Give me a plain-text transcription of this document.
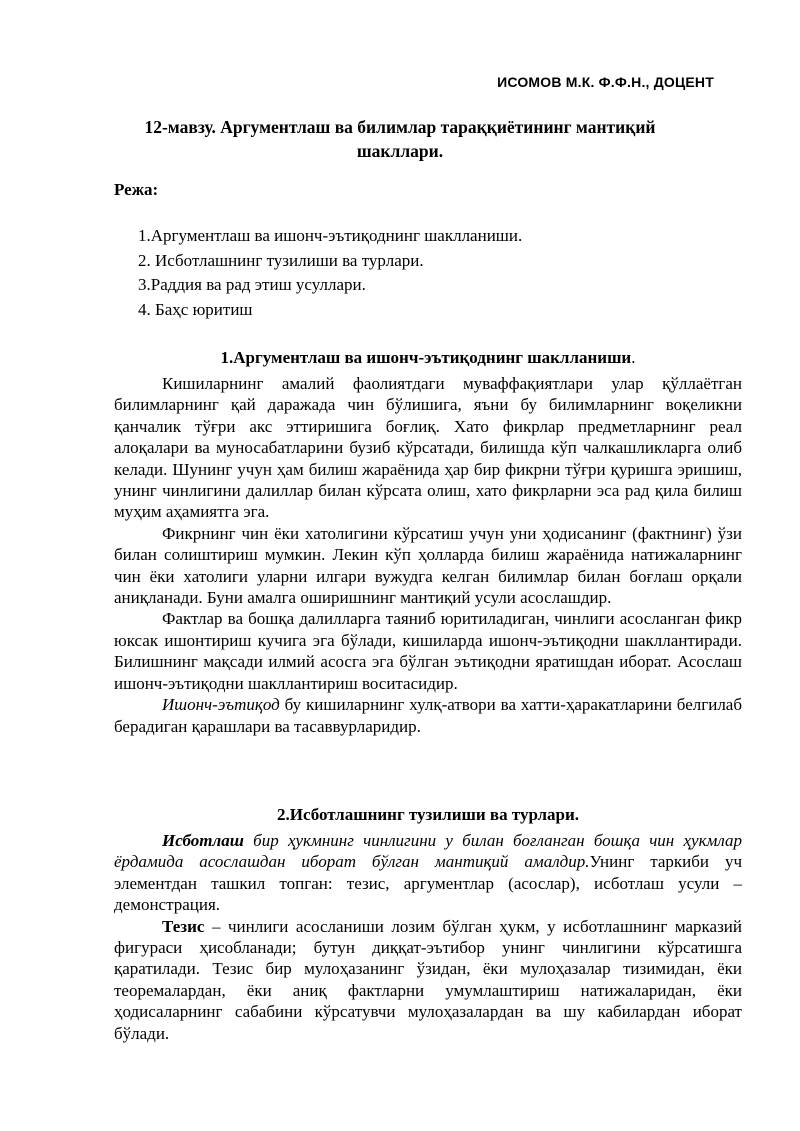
ИСОМОВ М.К. Ф.Ф.Н., ДОЦЕНТ
12-мавзу. Аргументлаш ва билимлар тараққиётининг мантиқий шакллари.
Режа:
1.Аргументлаш ва ишонч-эътиқоднинг шаклланиши.
2. Исботлашнинг тузилиши ва турлари.
3.Раддия ва рад этиш усуллари.
4. Баҳс юритиш
1.Аргументлаш ва ишонч-эътиқоднинг шаклланиши.

Кишиларнинг амалий фаолиятдаги муваффақиятлари улар қўллаётган билимларнинг қай даражада чин бўлишига, яъни бу билимларнинг воқеликни қанчалик тўғри акс эттиришига боғлиқ. Хато фикрлар предметларнинг реал алоқалари ва муносабатларини бузиб кўрсатади, билишда кўп чалкашликларга олиб келади. Шунинг учун ҳам билиш жараёнида ҳар бир фикрни тўғри қуришга эришиш, унинг чинлигини далиллар билан кўрсата олиш, хато фикрларни эса рад қила билиш муҳим аҳамиятга эга.

Фикрнинг чин ёки хатолигини кўрсатиш учун уни ҳодисанинг (фактнинг) ўзи билан солиштириш мумкин. Лекин кўп ҳолларда билиш жараёнида натижаларнинг чин ёки хатолиги уларни илгари вужудга келган билимлар билан боғлаш орқали аниқланади. Буни амалга оширишнинг мантиқий усули асослашдир.

Фактлар ва бошқа далилларга таяниб юритиладиган, чинлиги асосланган фикр юксак ишонтириш кучига эга бўлади, кишиларда ишонч-эътиқодни шакллантиради. Билишнинг мақсади илмий асосга эга бўлган эътиқодни яратишдан иборат. Асослаш ишонч-эътиқодни шакллантириш воситасидир.

Ишонч-эътиқод бу кишиларнинг хулқ-атвори ва хатти-ҳаракатларини белгилаб берадиган қарашлари ва тасаввурларидир.

2.Исботлашнинг тузилиши ва турлари.

Исботлаш бир ҳукмнинг чинлигини у билан боғланган бошқа чин ҳукмлар ёрдамида асослашдан иборат бўлган мантиқий амалдир.Унинг таркиби уч элементдан ташкил топган: тезис, аргументлар (асослар), исботлаш усули – демонстрация.

Тезис – чинлиги асосланиши лозим бўлган ҳукм, у исботлашнинг марказий фигураси ҳисобланади; бутун диққат-эътибор унинг чинлигини кўрсатишга қаратилади. Тезис бир мулоҳазанинг ўзидан, ёки мулоҳазалар тизимидан, ёки теоремалардан, ёки аниқ фактларни умумлаштириш натижаларидан, ёки ҳодисаларнинг сабабини кўрсатувчи мулоҳазалардан ва шу кабилардан иборат бўлади.
